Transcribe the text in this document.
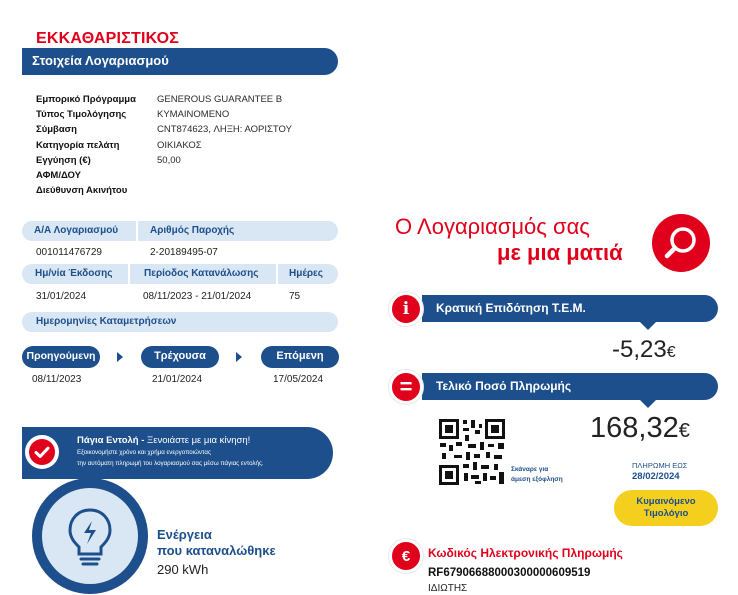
ΕΚΚΑΘΑΡΙΣΤΙΚΟΣ
Στοιχεία Λογαριασμού
Εμπορικό Πρόγραμμα	GENEROUS GUARANTEE B
Τύπος Τιμολόγησης	ΚΥΜΑΙΝΟΜΕΝΟ
Σύμβαση	CNT874623, ΛΗΞΗ: ΑΟΡΙΣΤΟΥ
Κατηγορία πελάτη	ΟΙΚΙΑΚΟΣ
Εγγύηση (€)	50,00
ΑΦΜ/ΔΟΥ
Διεύθυνση Ακινήτου
Α/Α Λογαριασμού	Αριθμός Παροχής
001011476729	2-20189495-07
Ημ/νία Έκδοσης	Περίοδος Κατανάλωσης	Ημέρες
31/01/2024	08/11/2023 - 21/01/2024	75
Ημερομηνίες Καταμετρήσεων
Προηγούμενη	Τρέχουσα	Επόμενη
08/11/2023	21/01/2024	17/05/2024
Πάγια Εντολή - Ξενοιάστε με μια κίνηση!
Εξοικονομήστε χρόνο και χρήμα ενεργοποιώντας
την αυτόματη πληρωμή του λογαριασμού σας μέσω πάγιας εντολής.
Ενέργεια
που καταναλώθηκε
290 kWh
Ο Λογαριασμός σας
με μια ματιά
Κρατική Επιδότηση Τ.Ε.Μ.
i
-5,23€
Τελικό Ποσό Πληρωμής
=
168,32€
Σκάναρε για
άμεση εξόφληση
ΠΛΗΡΩΜΗ ΕΩΣ
28/02/2024
Κυμαινόμενο
Τιμολόγιο
€	Κωδικός Ηλεκτρονικής Πληρωμής
RF67906688000300000609519
ΙΔΙΩΤΗΣ
